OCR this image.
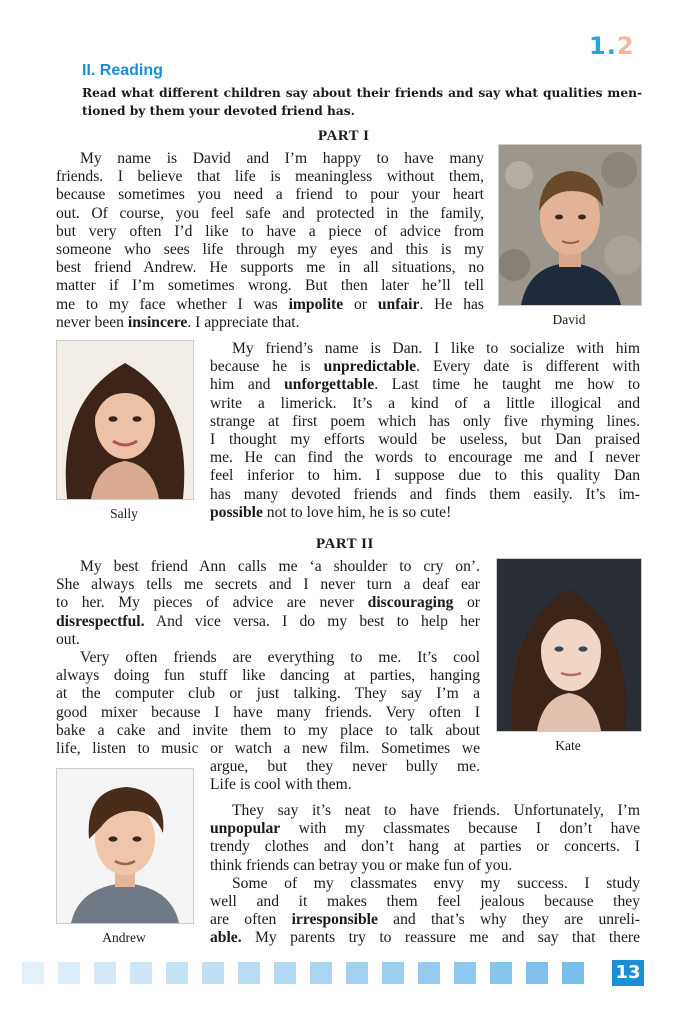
1.2
II. Reading
Read what different children say about their friends and say what qualities men-
tioned by them your devoted friend has.
PART I
My name is David and I’m happy to have many
friends. I believe that life is meaningless without them,
because sometimes you need a friend to pour your heart
out. Of course, you feel safe and protected in the family,
but very often I’d like to have a piece of advice from
someone who sees life through my eyes and this is my
best friend Andrew. He supports me in all situations, no
matter if I’m sometimes wrong. But then later he’ll tell
me to my face whether I was impolite or unfair. He has
never been insincere. I appreciate that.	David
Sally
My friend’s name is Dan. I like to socialize with him
because he is unpredictable. Every date is different with
him and unforgettable. Last time he taught me how to
write a limerick. It’s a kind of a little illogical and
strange at first poem which has only five rhyming lines.
I thought my efforts would be useless, but Dan praised
me. He can find the words to encourage me and I never
feel inferior to him. I suppose due to this quality Dan
has many devoted friends and finds them easily. It’s im-
possible not to love him, he is so cute!
PART II
My best friend Ann calls me ‘a shoulder to cry on’.
She always tells me secrets and I never turn a deaf ear
to her. My pieces of advice are never discouraging or
disrespectful. And vice versa. I do my best to help her
out.
Very often friends are everything to me. It’s cool
always doing fun stuff like dancing at parties, hanging
at the computer club or just talking. They say I’m a
good mixer because I have many friends. Very often I
bake a cake and invite them to my place to talk about
life, listen to music or watch a new film. Sometimes we
argue, but they never bully me.
Life is cool with them.
Kate
Andrew
They say it’s neat to have friends. Unfortunately, I’m
unpopular with my classmates because I don’t have
trendy clothes and don’t hang at parties or concerts. I
think friends can betray you or make fun of you.
Some of my classmates envy my success. I study
well and it makes them feel jealous because they
are often irresponsible and that’s why they are unreli-
able. My parents try to reassure me and say that there
13
